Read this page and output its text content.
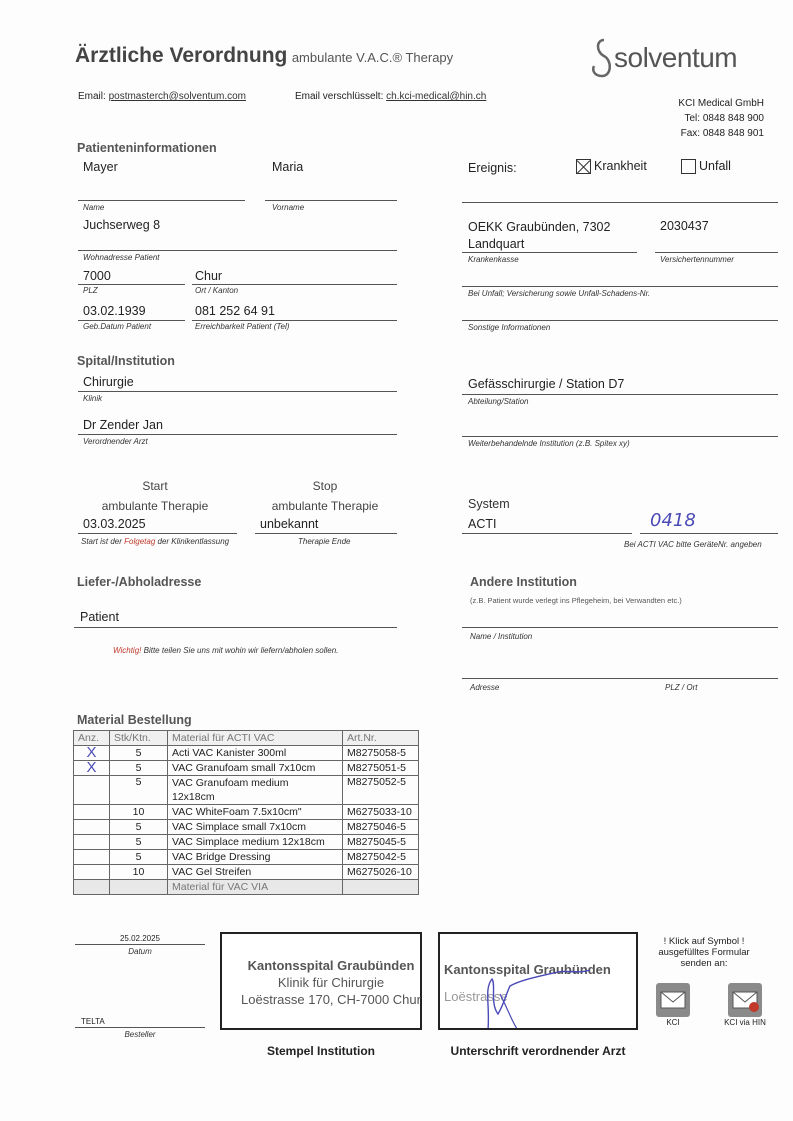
Ärztliche Verordnung ambulante V.A.C.® Therapy	solventum
Email: postmasterch@solventum.com	Email verschlüsselt: ch.kci-medical@hin.ch
KCI Medical GmbH
Tel: 0848 848 900
Fax: 0848 848 901
Patienteninformationen
Mayer	Maria
Name	Vorname
Juchserweg 8
Wohnadresse Patient
7000	Chur
PLZ	Ort / Kanton
03.02.1939	081 252 64 91
Geb.Datum Patient	Erreichbarkeit Patient (Tel)
Ereignis:	Krankheit	Unfall
OEKK Graubünden, 7302
Landquart
2030437
Krankenkasse	Versichertennummer
Bei Unfall; Versicherung sowie Unfall-Schadens-Nr.
Sonstige Informationen
Spital/Institution
Chirurgie
Klinik
Gefässchirurgie / Station D7
Abteilung/Station
Dr Zender Jan
Verordnender Arzt	Weiterbehandelnde Institution (z.B. Spitex xy)
Start
ambulante Therapie
Stop
ambulante Therapie
03.03.2025	unbekannt
Start ist der Folgetag der Klinikentlassung	Therapie Ende
System
ACTI	0418
Bei ACTI VAC bitte GeräteNr. angeben
Liefer-/Abholadresse
Patient
Wichtig! Bitte teilen Sie uns mit wohin wir liefern/abholen sollen.
Andere Institution
(z.B. Patient wurde verlegt ins Pflegeheim, bei Verwandten etc.)
Name / Institution
Adresse	PLZ / Ort
Material Bestellung
Anz.	Stk/Ktn.	Material für ACTI VAC	Art.Nr.
X	5	Acti VAC Kanister 300ml	M8275058-5
X	5	VAC Granufoam small 7x10cm	M8275051-5
	5	VAC Granufoam medium
12x18cm	M8275052-5
	10	VAC WhiteFoam 7.5x10cm"	M6275033-10
	5	VAC Simplace small 7x10cm	M8275046-5
	5	VAC Simplace medium 12x18cm	M8275045-5
	5	VAC Bridge Dressing	M8275042-5
	10	VAC Gel Streifen	M6275026-10
		Material für VAC VIA	
25.02.2025
Datum
TELTA
Besteller
Kantonsspital Graubünden
Klinik für Chirurgie
Loëstrasse 170, CH-7000 Chur
Kantonsspital Graubünden
Loëstrasse
Stempel Institution	Unterschrift verordnender Arzt
! Klick auf Symbol !
ausgefülltes Formular
senden an:
KCI	KCI via HIN
